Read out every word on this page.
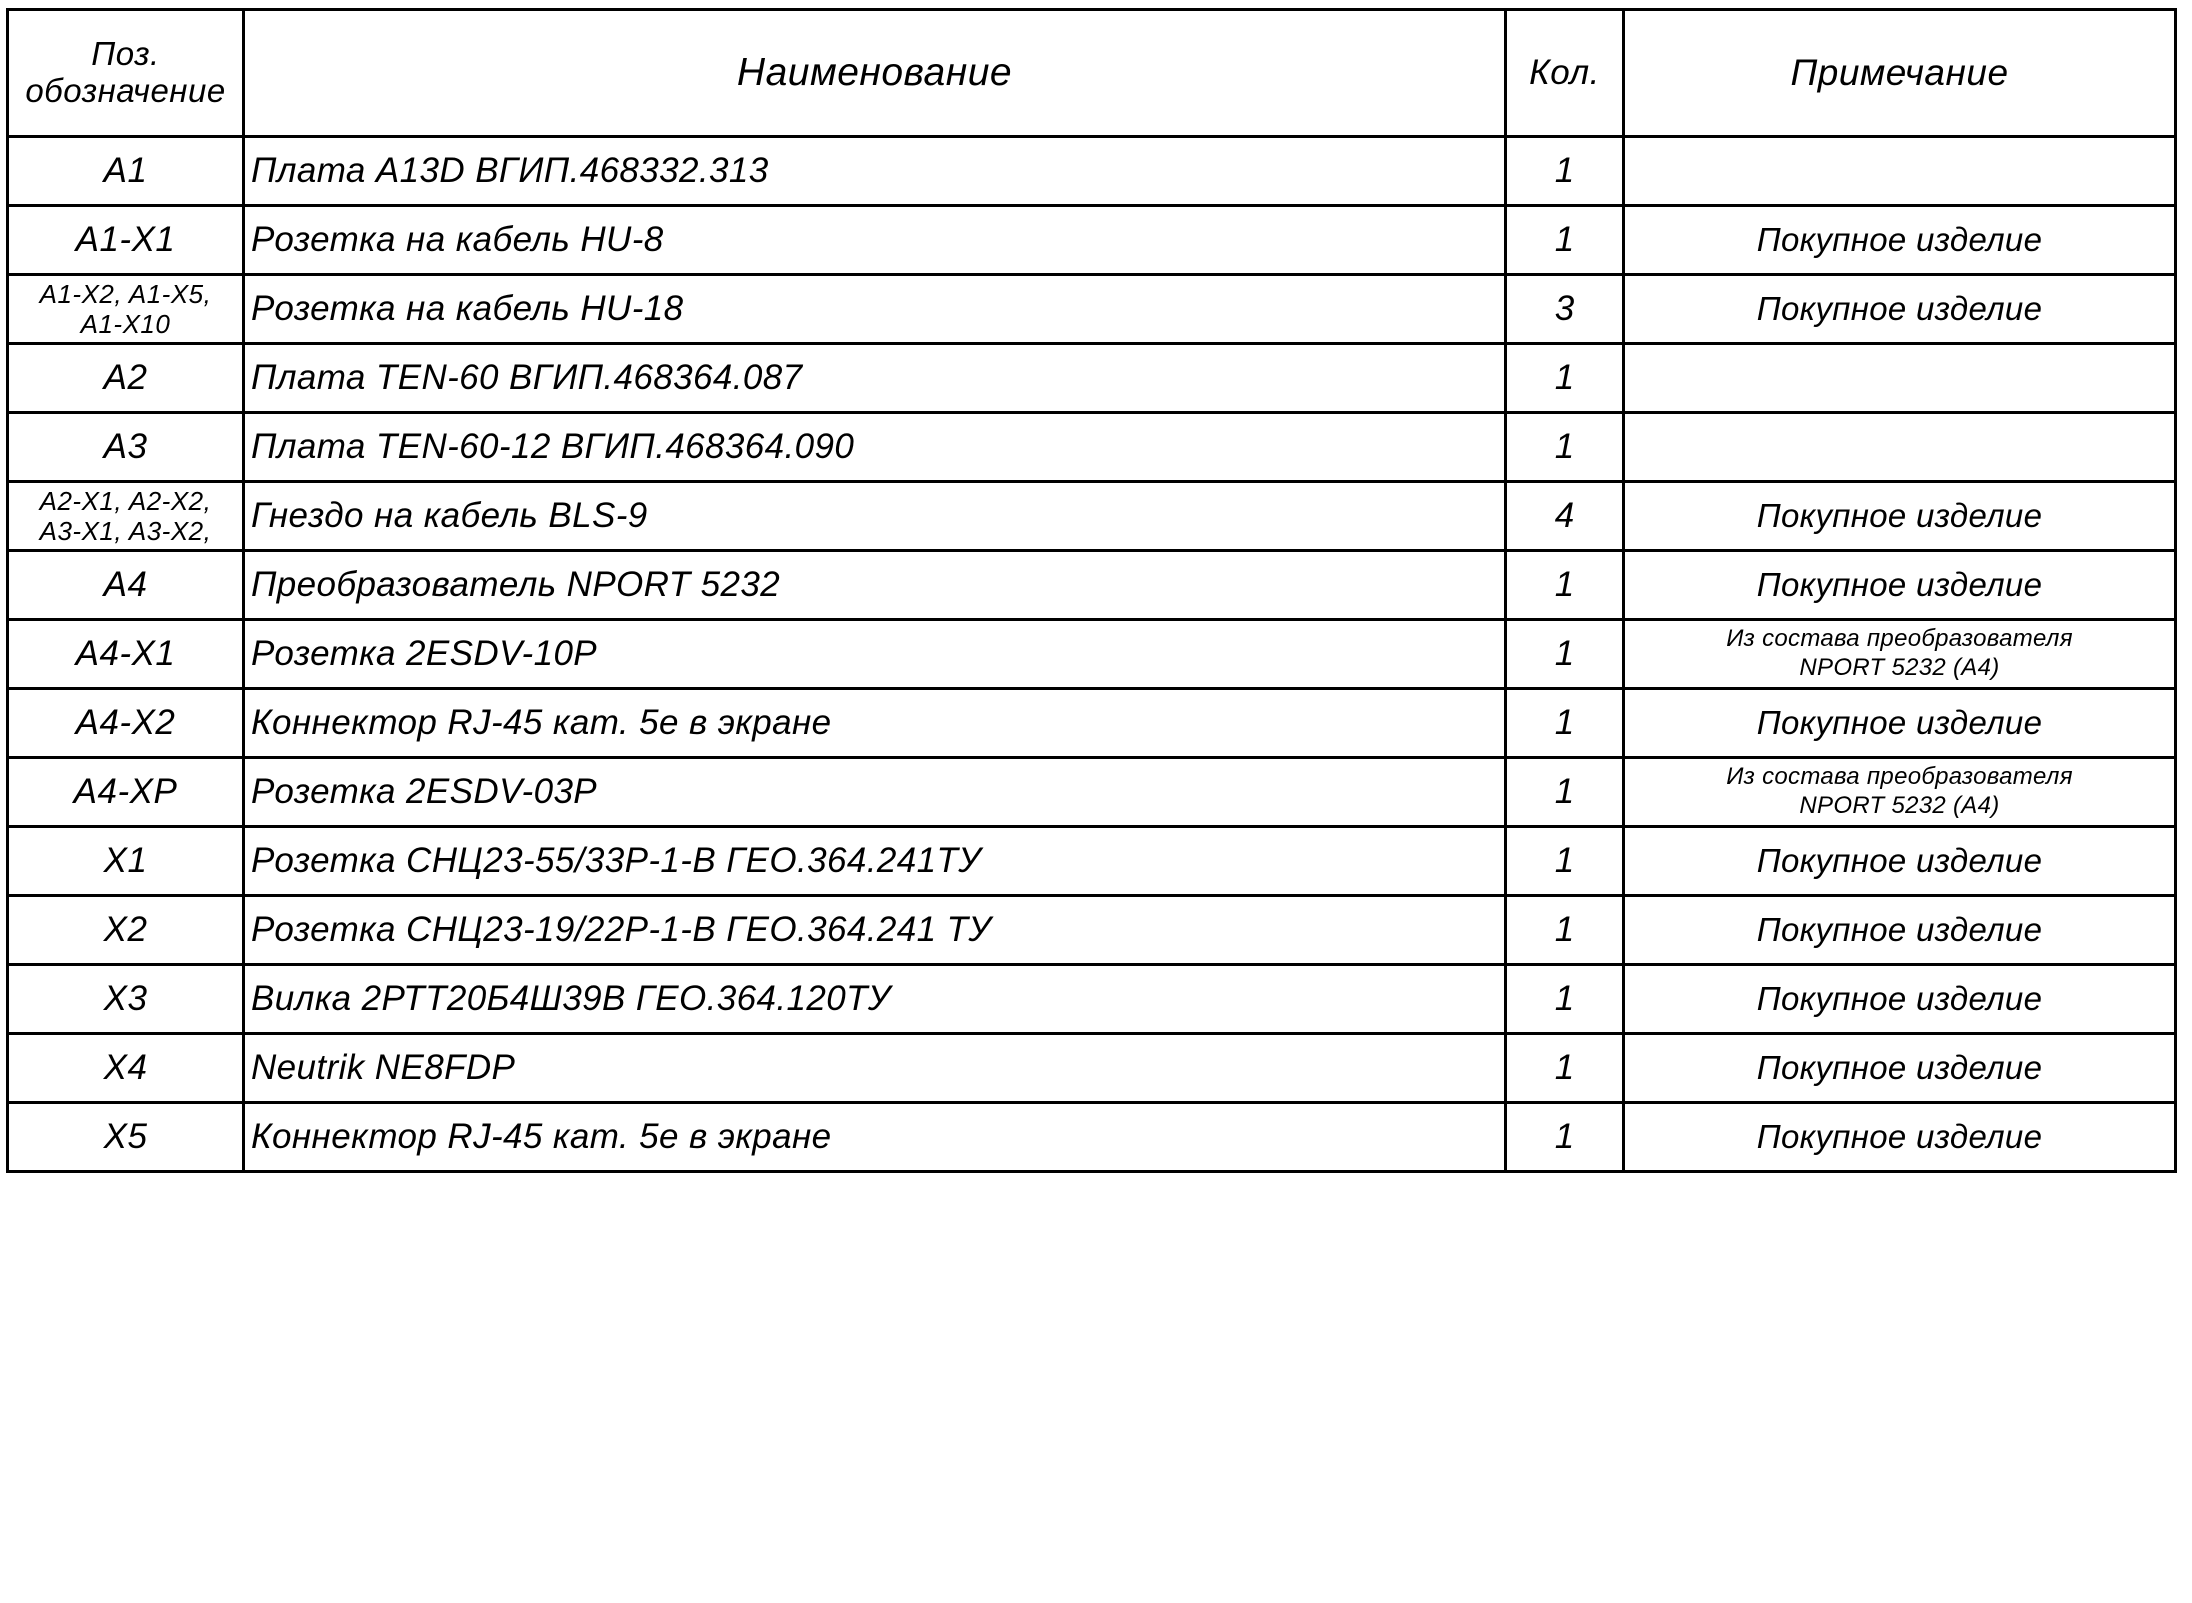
Поз.
обозначение	Наименование	Кол.	Примечание

A1	Плата A13D ВГИП.468332.313	1	

A1-X1	Розетка на кабель HU-8	1	Покупное изделие

A1-X2, A1-X5,
A1-X10	Розетка на кабель HU-18	3	Покупное изделие

A2	Плата TEN-60 ВГИП.468364.087	1	

A3	Плата TEN-60-12 ВГИП.468364.090	1	

A2-X1, A2-X2,
A3-X1, A3-X2,	Гнездо на кабель BLS-9	4	Покупное изделие

A4	Преобразователь NPORT 5232	1	Покупное изделие

A4-X1	Розетка 2ESDV-10P	1	Из состава преобразователя
NPORT 5232 (A4)

A4-X2	Коннектор RJ-45 кат. 5е в экране	1	Покупное изделие

A4-XP	Розетка 2ESDV-03P	1	Из состава преобразователя
NPORT 5232 (A4)

X1	Розетка СНЦ23-55/33Р-1-В ГЕО.364.241ТУ	1	Покупное изделие

X2	Розетка СНЦ23-19/22Р-1-В ГЕО.364.241 ТУ	1	Покупное изделие

X3	Вилка 2РТТ20Б4Ш39В ГЕО.364.120ТУ	1	Покупное изделие

X4	Neutrik NE8FDP	1	Покупное изделие

X5	Коннектор RJ-45 кат. 5е в экране	1	Покупное изделие
